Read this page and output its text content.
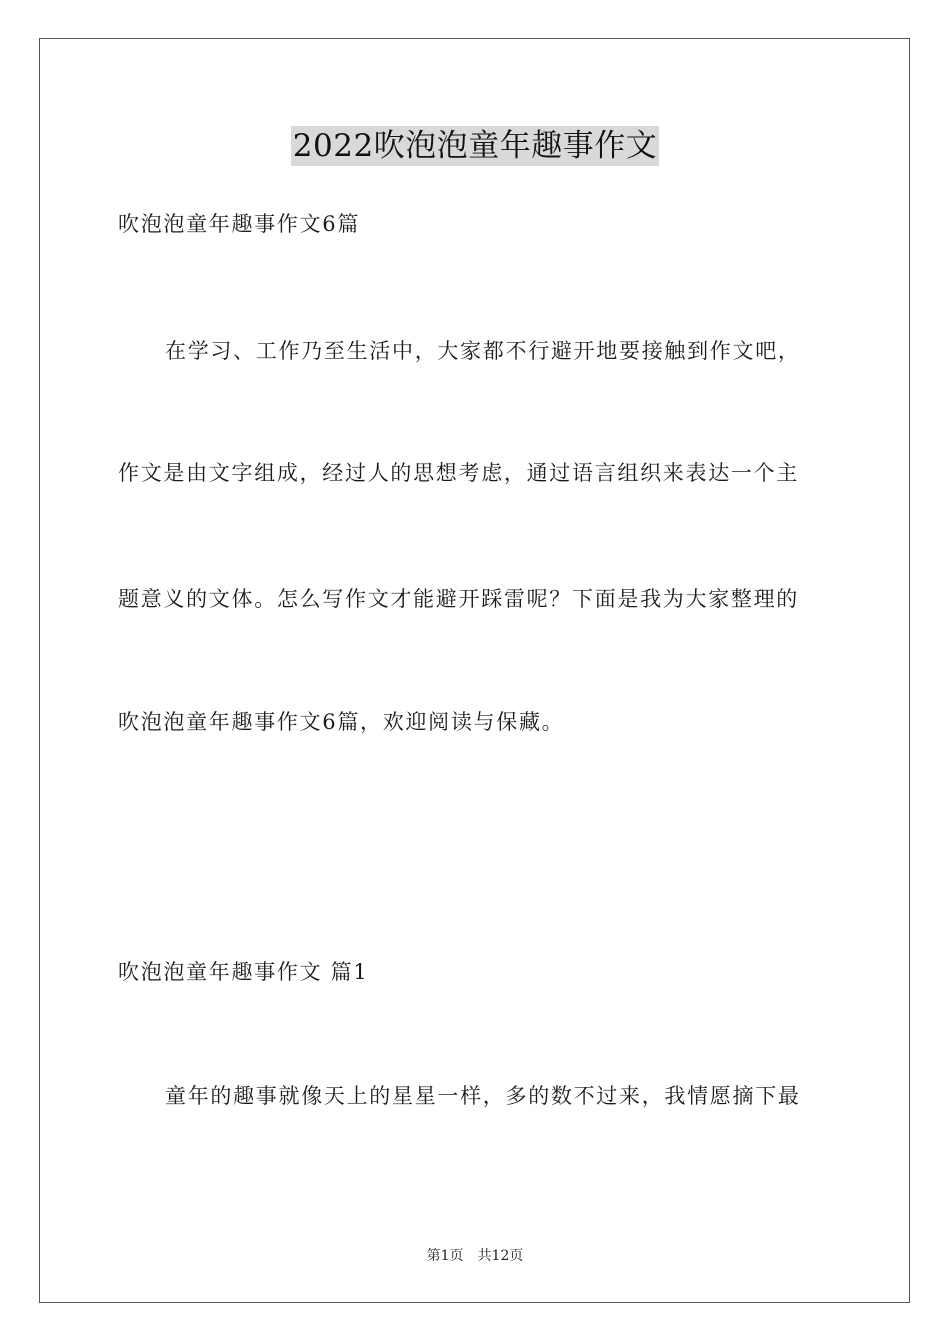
2022吹泡泡童年趣事作文

吹泡泡童年趣事作文6篇

在学习、工作乃至生活中，大家都不行避开地要接触到作文吧，

作文是由文字组成，经过人的思想考虑，通过语言组织来表达一个主

题意义的文体。怎么写作文才能避开踩雷呢？下面是我为大家整理的

吹泡泡童年趣事作文6篇，欢迎阅读与保藏。

吹泡泡童年趣事作文 篇1

童年的趣事就像天上的星星一样，多的数不过来，我情愿摘下最

第1页 共12页
